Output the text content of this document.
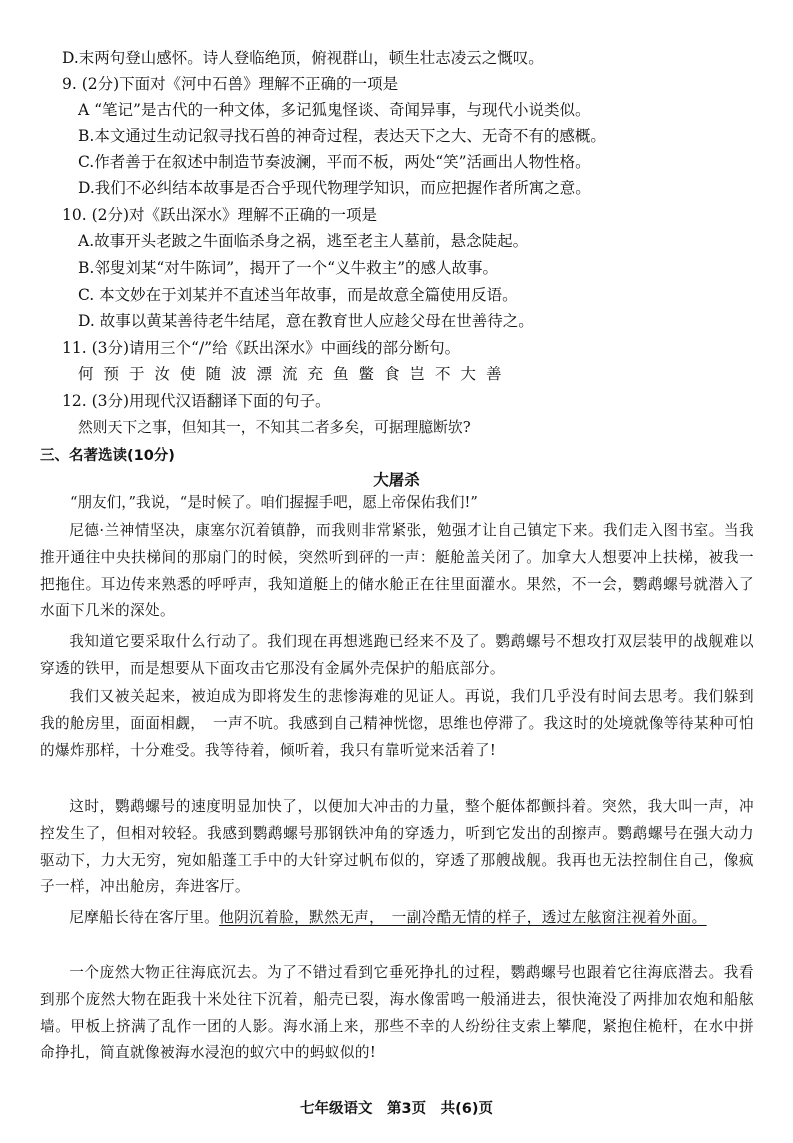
D.末两句登山感怀。诗人登临绝顶，俯视群山，顿生壮志凌云之慨叹。
9. (2分)下面对《河中石兽》理解不正确的一项是
A “笔记”是古代的一种文体，多记狐鬼怪谈、奇闻异事，与现代小说类似。
B.本文通过生动记叙寻找石兽的神奇过程，表达天下之大、无奇不有的感概。
C.作者善于在叙述中制造节奏波澜，平而不板，两处“笑”活画出人物性格。
D.我们不必纠结本故事是否合乎现代物理学知识，而应把握作者所寓之意。
10. (2分)对《跃出深水》理解不正确的一项是
A.故事开头老跛之牛面临杀身之祸，逃至老主人墓前，悬念陡起。
B.邻叟刘某“对牛陈词”，揭开了一个“义牛救主”的感人故事。
C. 本文妙在于刘某并不直述当年故事，而是故意全篇使用反语。
D. 故事以黄某善待老牛结尾，意在教育世人应趁父母在世善待之。
11. (3分)请用三个“/”给《跃出深水》中画线的部分断句。
何预于汝使随波漂流充鱼鳖食岂不大善
12. (3分)用现代汉语翻译下面的句子。
然则天下之事，但知其一，不知其二者多矣，可据理臆断欤?
三、名著选读(10分)
大屠杀
“朋友们，”我说，“是时候了。咱们握握手吧，愿上帝保佑我们!”
尼德·兰神情坚决，康塞尔沉着镇静，而我则非常紧张，勉强才让自己镇定下来。我们走入图书室。当我推开通往中央扶梯间的那扇门的时候，突然听到砰的一声：艇舱盖关闭了。加拿大人想要冲上扶梯，被我一把拖住。耳边传来熟悉的呼呼声，我知道艇上的储水舱正在往里面灌水。果然，不一会，鹦鹉螺号就潜入了水面下几米的深处。
我知道它要采取什么行动了。我们现在再想逃跑已经来不及了。鹦鹉螺号不想攻打双层装甲的战舰难以穿透的铁甲，而是想要从下面攻击它那没有金属外壳保护的船底部分。
我们又被关起来，被迫成为即将发生的悲惨海难的见证人。再说，我们几乎没有时间去思考。我们躲到我的舱房里，面面相觑，　一声不吭。我感到自己精神恍惚，思维也停滞了。我这时的处境就像等待某种可怕的爆炸那样，十分难受。我等待着，倾听着，我只有靠听觉来活着了!
这时，鹦鹉螺号的速度明显加快了，以便加大冲击的力量，整个艇体都颤抖着。突然，我大叫一声，冲控发生了，但相对较轻。我感到鹦鹉螺号那钢铁冲角的穿透力，听到它发出的刮擦声。鹦鹉螺号在强大动力驱动下，力大无穷，宛如船蓬工手中的大针穿过帆布似的，穿透了那艘战舰。我再也无法控制住自己，像疯子一样，冲出舱房，奔进客厅。
尼摩船长待在客厅里。他阴沉着脸，默然无声，　一副冷酷无情的样子，透过左舷窗注视着外面。
一个庞然大物正往海底沉去。为了不错过看到它垂死挣扎的过程，鹦鹉螺号也跟着它往海底潜去。我看到那个庞然大物在距我十米处往下沉着，船壳已裂，海水像雷鸣一般涌进去，很快淹没了两排加农炮和船舷墙。甲板上挤满了乱作一团的人影。海水涌上来，那些不幸的人纷纷往支索上攀爬，紧抱住桅杆，在水中拼命挣扎，简直就像被海水浸泡的蚁穴中的蚂蚁似的!
七年级语文　第3页　共(6)页
